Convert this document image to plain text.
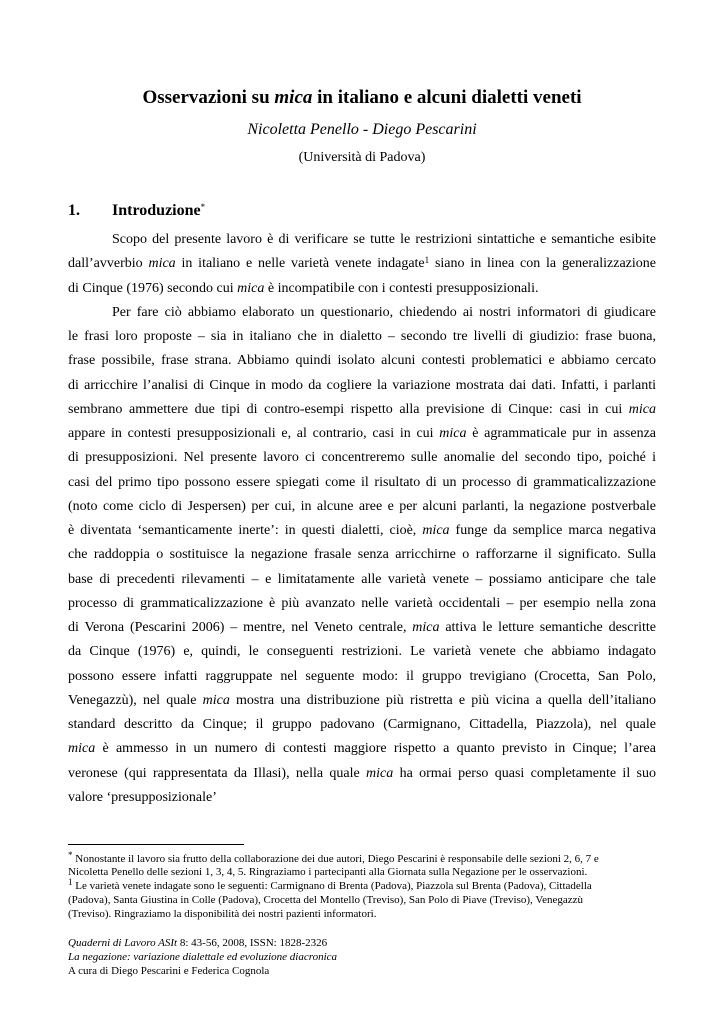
Osservazioni su mica in italiano e alcuni dialetti veneti
Nicoletta Penello - Diego Pescarini
(Università di Padova)
1. Introduzione*
Scopo del presente lavoro è di verificare se tutte le restrizioni sintattiche e semantiche esibite
dall’avverbio mica in italiano e nelle varietà venete indagate$^1$ siano in linea con la generalizzazione
di Cinque (1976) secondo cui mica è incompatibile con i contesti presupposizionali.
Per fare ciò abbiamo elaborato un questionario, chiedendo ai nostri informatori di giudicare
le frasi loro proposte – sia in italiano che in dialetto – secondo tre livelli di giudizio: frase buona,
frase possibile, frase strana. Abbiamo quindi isolato alcuni contesti problematici e abbiamo cercato
di arricchire l’analisi di Cinque in modo da cogliere la variazione mostrata dai dati. Infatti, i parlanti
sembrano ammettere due tipi di contro-esempi rispetto alla previsione di Cinque: casi in cui mica
appare in contesti presupposizionali e, al contrario, casi in cui mica è agrammaticale pur in assenza
di presupposizioni. Nel presente lavoro ci concentreremo sulle anomalie del secondo tipo, poiché i
casi del primo tipo possono essere spiegati come il risultato di un processo di grammaticalizzazione
(noto come ciclo di Jespersen) per cui, in alcune aree e per alcuni parlanti, la negazione postverbale
è diventata ‘semanticamente inerte’: in questi dialetti, cioè, mica funge da semplice marca negativa
che raddoppia o sostituisce la negazione frasale senza arricchirne o rafforzarne il significato. Sulla
base di precedenti rilevamenti – e limitatamente alle varietà venete – possiamo anticipare che tale
processo di grammaticalizzazione è più avanzato nelle varietà occidentali – per esempio nella zona
di Verona (Pescarini 2006) – mentre, nel Veneto centrale, mica attiva le letture semantiche descritte
da Cinque (1976) e, quindi, le conseguenti restrizioni. Le varietà venete che abbiamo indagato
possono essere infatti raggruppate nel seguente modo: il gruppo trevigiano (Crocetta, San Polo,
Venegazzù), nel quale mica mostra una distribuzione più ristretta e più vicina a quella dell’italiano
standard descritto da Cinque; il gruppo padovano (Carmignano, Cittadella, Piazzola), nel quale
mica è ammesso in un numero di contesti maggiore rispetto a quanto previsto in Cinque; l’area
veronese (qui rappresentata da Illasi), nella quale mica ha ormai perso quasi completamente il suo
valore ‘presupposizionale’
* Nonostante il lavoro sia frutto della collaborazione dei due autori, Diego Pescarini è responsabile delle sezioni 2, 6, 7 e
Nicoletta Penello delle sezioni 1, 3, 4, 5. Ringraziamo i partecipanti alla Giornata sulla Negazione per le osservazioni.
$^1$ Le varietà venete indagate sono le seguenti: Carmignano di Brenta (Padova), Piazzola sul Brenta (Padova), Cittadella
(Padova), Santa Giustina in Colle (Padova), Crocetta del Montello (Treviso), San Polo di Piave (Treviso), Venegazzù
(Treviso). Ringraziamo la disponibilità dei nostri pazienti informatori.
Quaderni di Lavoro ASIt 8: 43-56, 2008, ISSN: 1828-2326
La negazione: variazione dialettale ed evoluzione diacronica
A cura di Diego Pescarini e Federica Cognola
